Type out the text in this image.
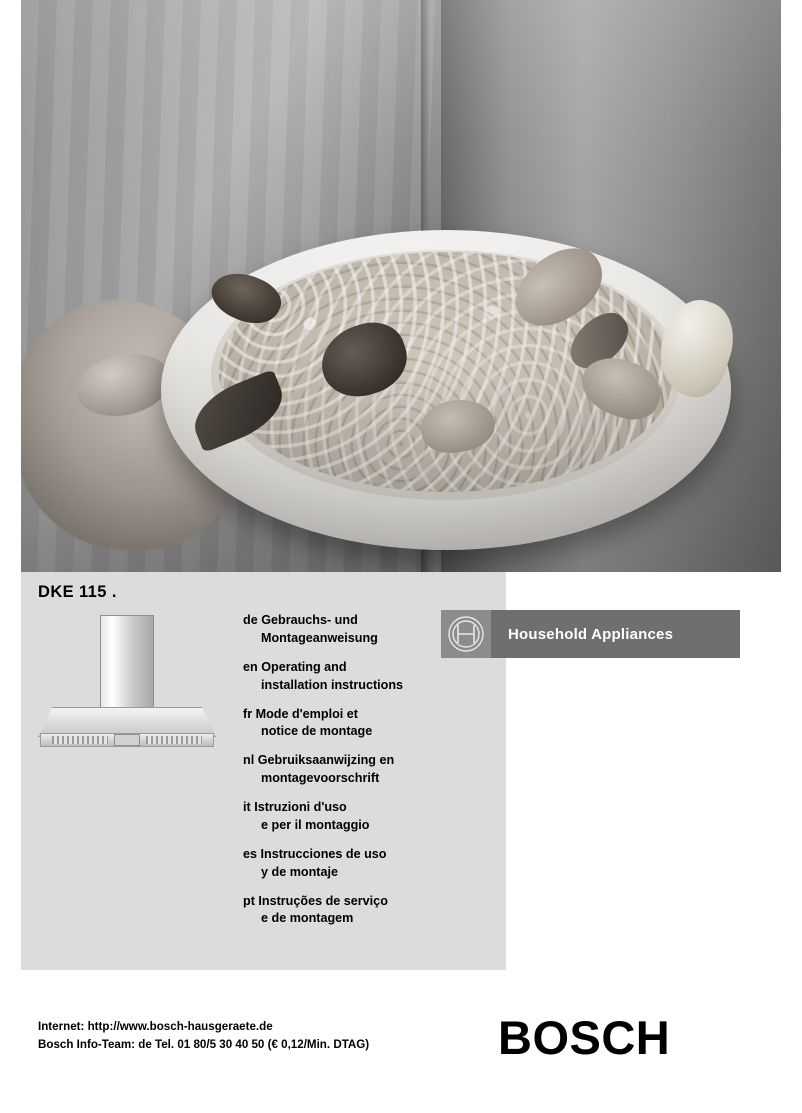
DKE 115 .
de Gebrauchs- und
Montageanweisung
en Operating and
installation instructions
fr Mode d'emploi et
notice de montage
nl Gebruiksaanwijzing en
montagevoorschrift
it Istruzioni d'uso
e per il montaggio
es Instrucciones de uso
y de montaje
pt Instruções de serviço
e de montagem
Household Appliances
Internet: http://www.bosch-hausgeraete.de
Bosch Info-Team: de Tel. 01 80/5 30 40 50 (€ 0,12/Min. DTAG)	BOSCH
